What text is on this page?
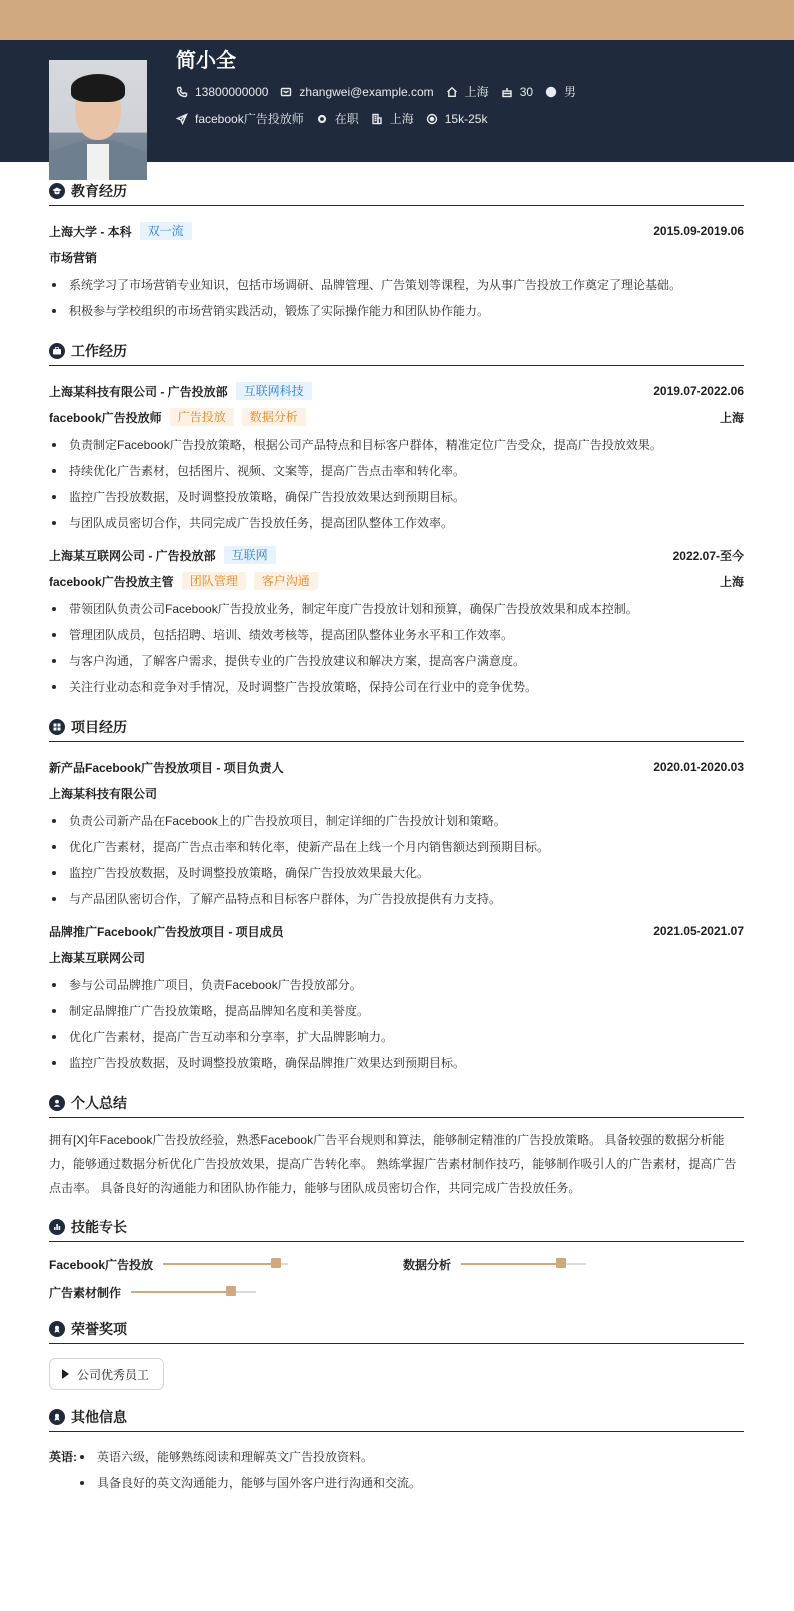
简小全
13800000000	zhangwei@example.com	上海	30	男
facebook广告投放师	在职	上海	15k-25k
教育经历
上海大学 - 本科	双一流	2015.09-2019.06
市场营销
系统学习了市场营销专业知识，包括市场调研、品牌管理、广告策划等课程，为从事广告投放工作奠定了理论基础。
积极参与学校组织的市场营销实践活动，锻炼了实际操作能力和团队协作能力。
工作经历
上海某科技有限公司 - 广告投放部	互联网科技	2019.07-2022.06
facebook广告投放师	广告投放	数据分析	上海
负责制定Facebook广告投放策略，根据公司产品特点和目标客户群体，精准定位广告受众，提高广告投放效果。
持续优化广告素材，包括图片、视频、文案等，提高广告点击率和转化率。
监控广告投放数据，及时调整投放策略，确保广告投放效果达到预期目标。
与团队成员密切合作，共同完成广告投放任务，提高团队整体工作效率。
上海某互联网公司 - 广告投放部	互联网	2022.07-至今
facebook广告投放主管	团队管理	客户沟通	上海
带领团队负责公司Facebook广告投放业务，制定年度广告投放计划和预算，确保广告投放效果和成本控制。
管理团队成员，包括招聘、培训、绩效考核等，提高团队整体业务水平和工作效率。
与客户沟通，了解客户需求，提供专业的广告投放建议和解决方案，提高客户满意度。
关注行业动态和竞争对手情况，及时调整广告投放策略，保持公司在行业中的竞争优势。
项目经历
新产品Facebook广告投放项目 - 项目负责人	2020.01-2020.03
上海某科技有限公司
负责公司新产品在Facebook上的广告投放项目，制定详细的广告投放计划和策略。
优化广告素材，提高广告点击率和转化率，使新产品在上线一个月内销售额达到预期目标。
监控广告投放数据，及时调整投放策略，确保广告投放效果最大化。
与产品团队密切合作，了解产品特点和目标客户群体，为广告投放提供有力支持。
品牌推广Facebook广告投放项目 - 项目成员	2021.05-2021.07
上海某互联网公司
参与公司品牌推广项目，负责Facebook广告投放部分。
制定品牌推广广告投放策略，提高品牌知名度和美誉度。
优化广告素材，提高广告互动率和分享率，扩大品牌影响力。
监控广告投放数据，及时调整投放策略，确保品牌推广效果达到预期目标。
个人总结

拥有[X]年Facebook广告投放经验，熟悉Facebook广告平台规则和算法，能够制定精准的广告投放策略。 具备较强的数据分析能力，能够通过数据分析优化广告投放效果，提高广告转化率。 熟练掌握广告素材制作技巧，能够制作吸引人的广告素材，提高广告点击率。 具备良好的沟通能力和团队协作能力，能够与团队成员密切合作，共同完成广告投放任务。

技能专长
Facebook广告投放	数据分析
广告素材制作
荣誉奖项
公司优秀员工
其他信息
英语:	英语六级，能够熟练阅读和理解英文广告投放资料。
具备良好的英文沟通能力，能够与国外客户进行沟通和交流。
